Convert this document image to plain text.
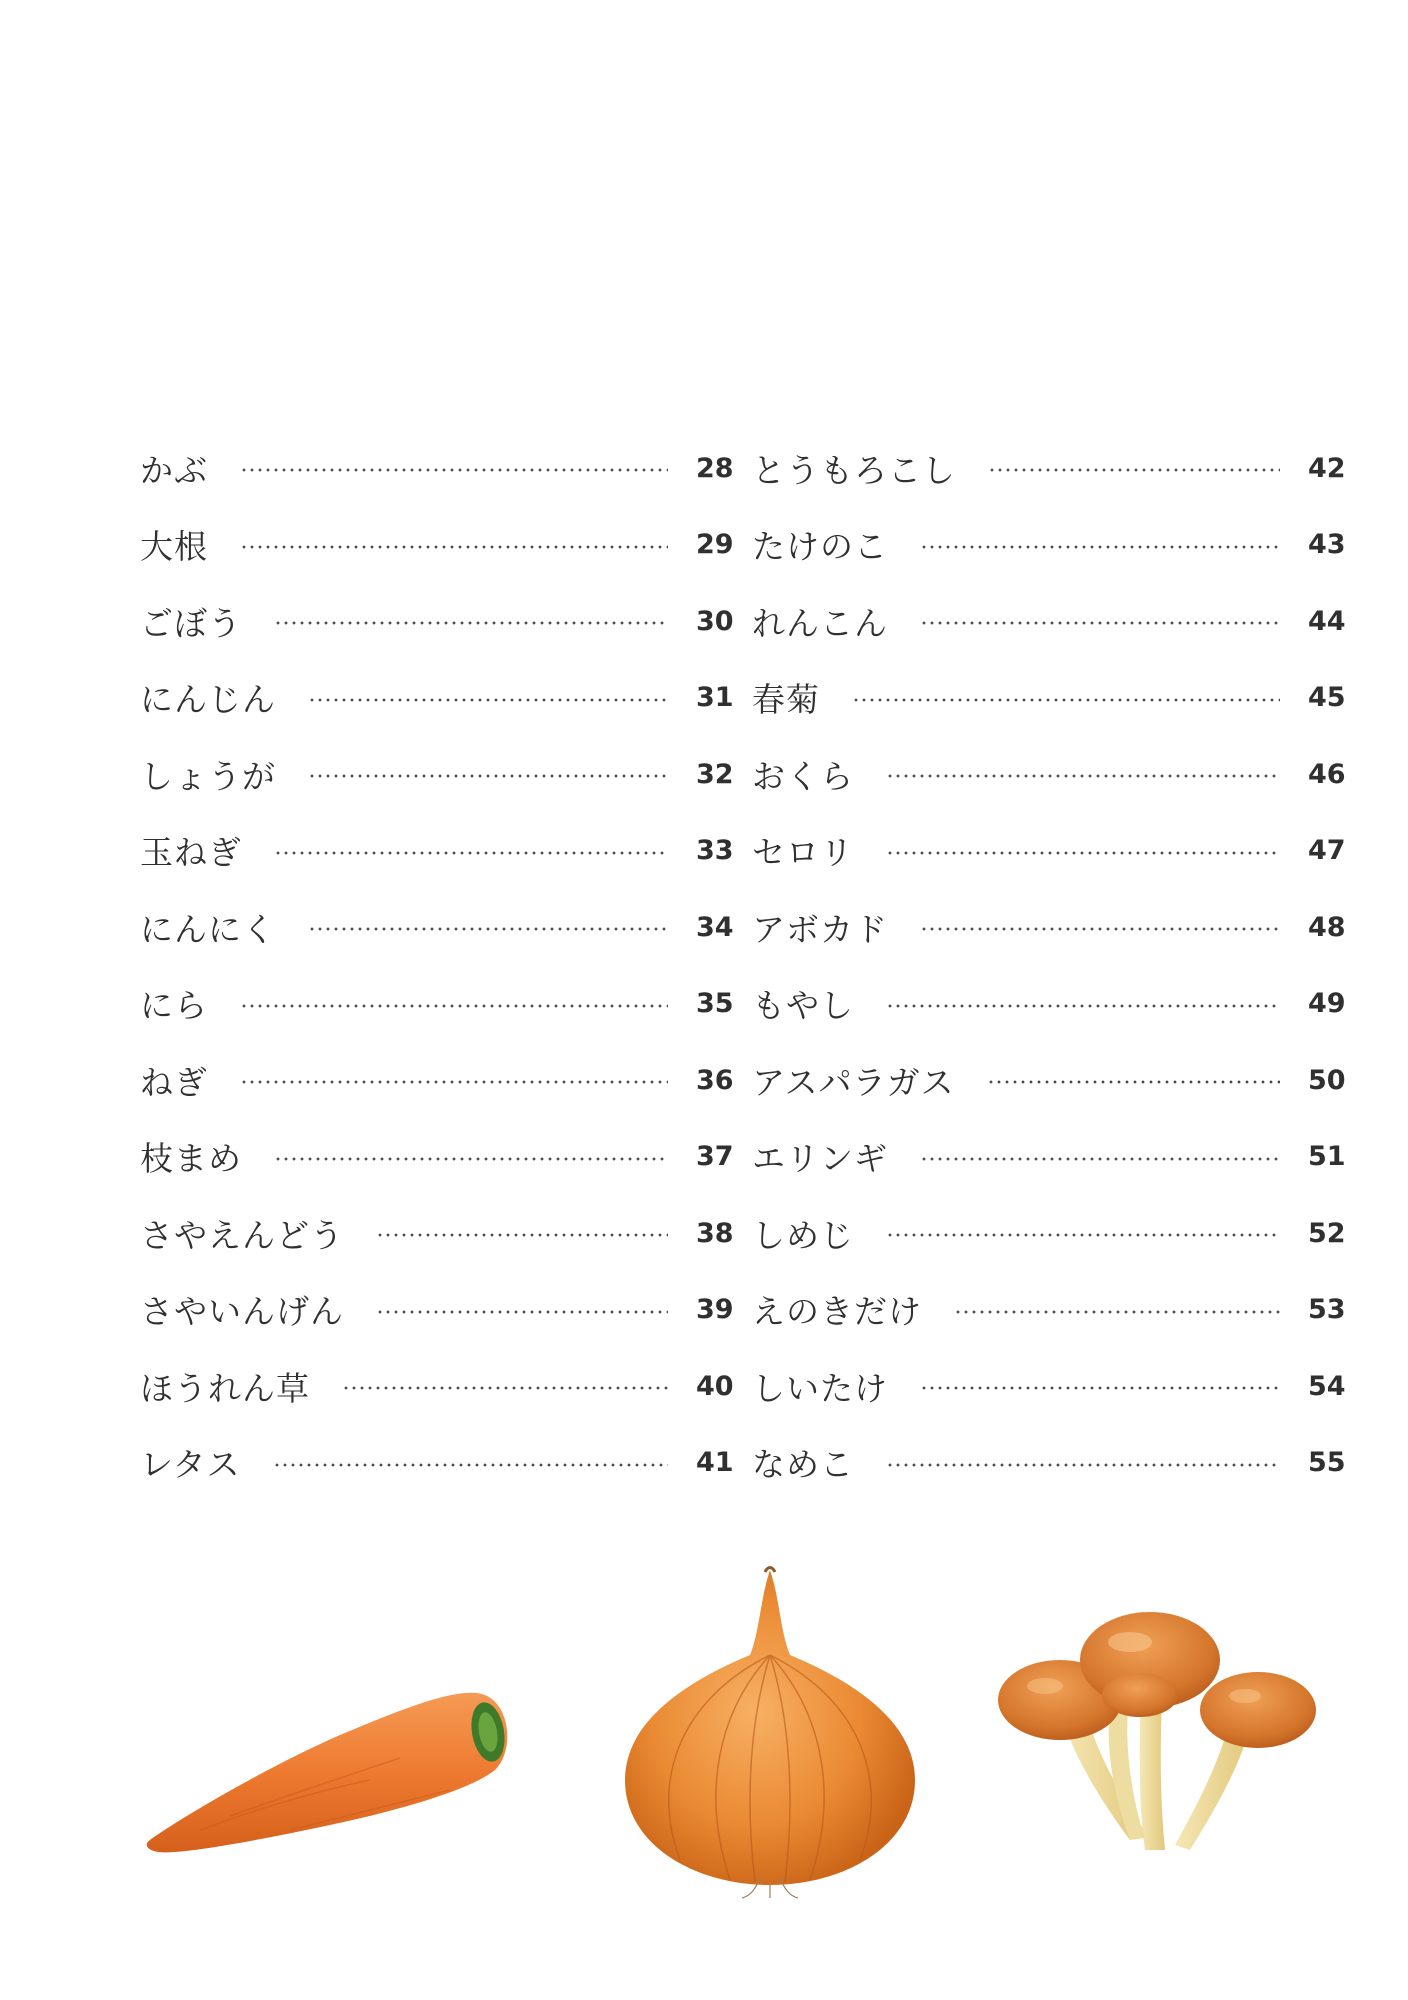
かぶ	28
大根	29
ごぼう	30
にんじん	31
しょうが	32
玉ねぎ	33
にんにく	34
にら	35
ねぎ	36
枝まめ	37
さやえんどう	38
さやいんげん	39
ほうれん草	40
レタス	41
とうもろこし	42
たけのこ	43
れんこん	44
春菊	45
おくら	46
セロリ	47
アボカド	48
もやし	49
アスパラガス	50
エリンギ	51
しめじ	52
えのきだけ	53
しいたけ	54
なめこ	55
